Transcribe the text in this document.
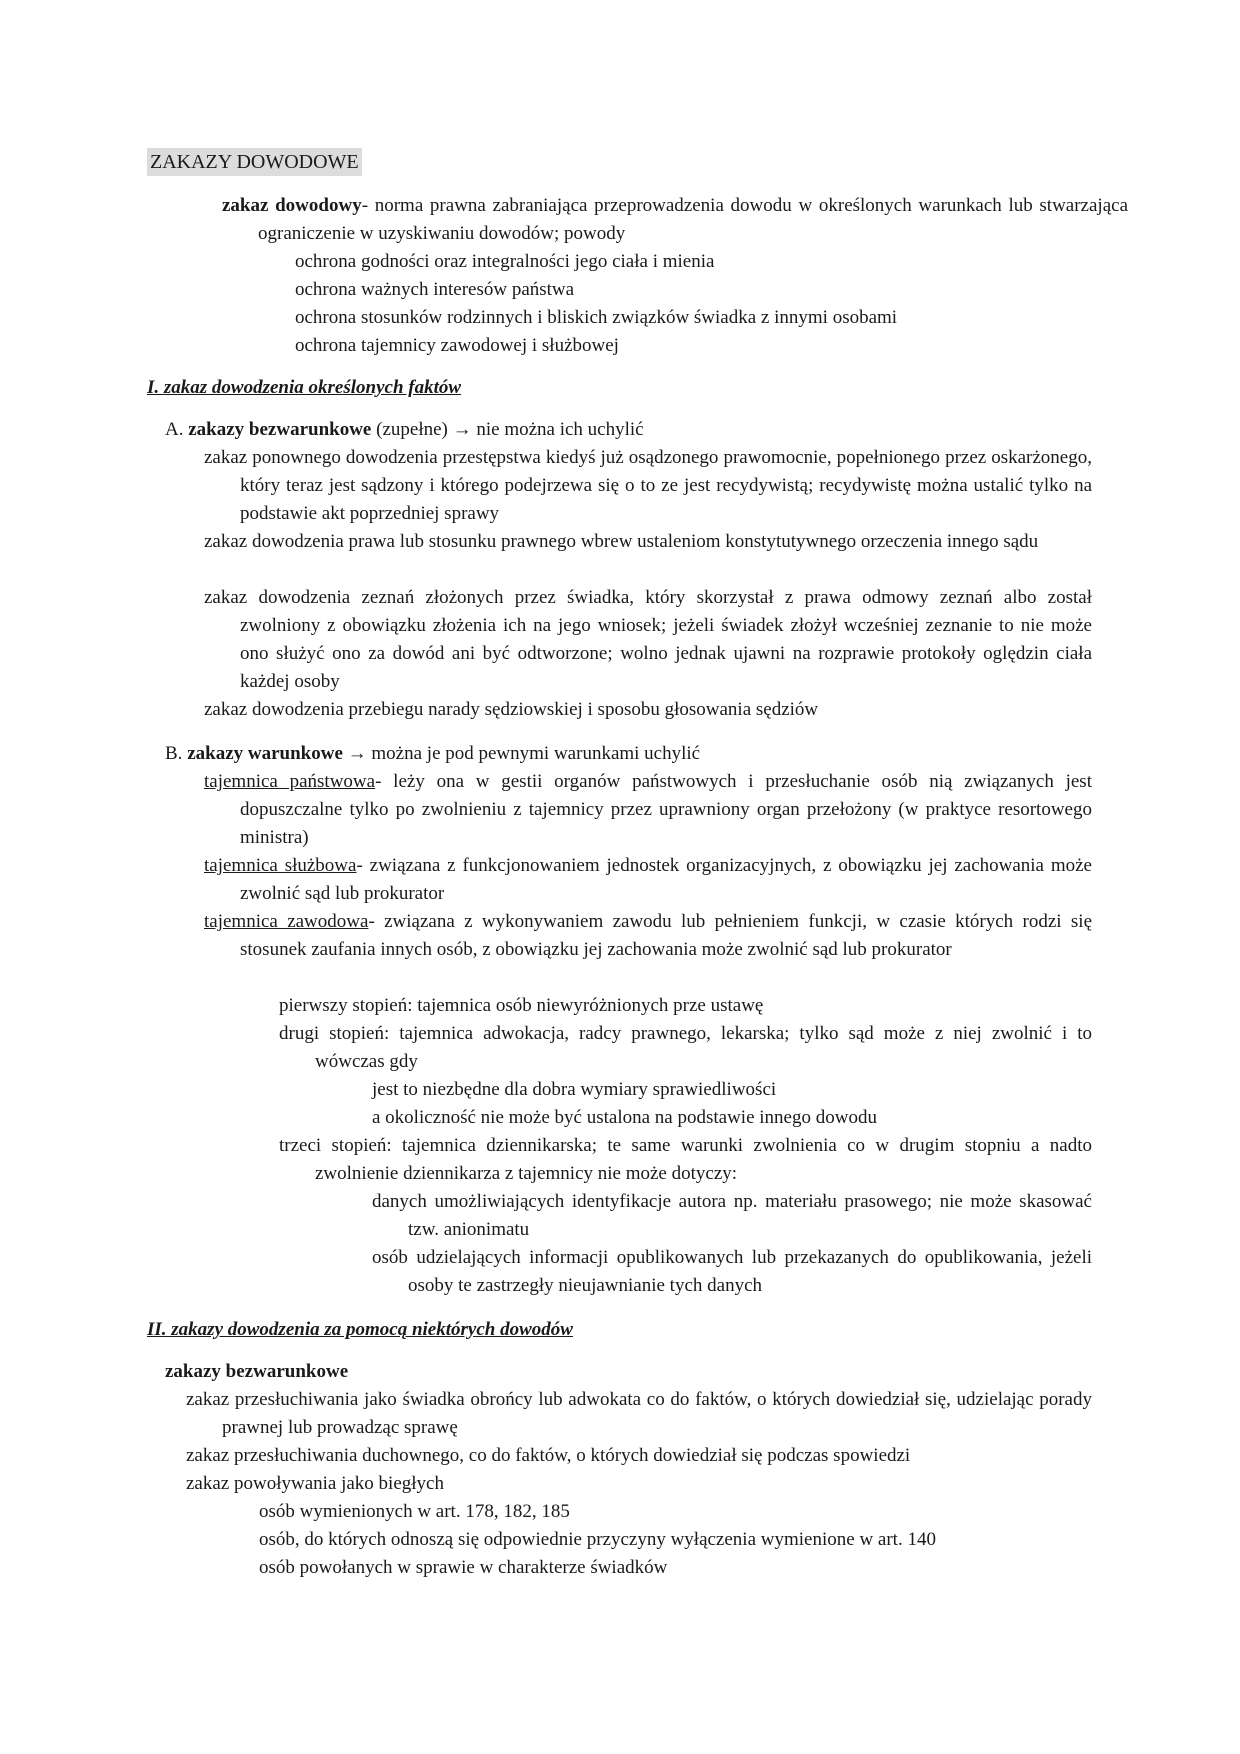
ZAKAZY DOWODOWE
zakaz dowodowy- norma prawna zabraniająca przeprowadzenia dowodu w określonych warunkach lub stwarzająca ograniczenie w uzyskiwaniu dowodów; powody
ochrona godności oraz integralności jego ciała i mienia
ochrona ważnych interesów państwa
ochrona stosunków rodzinnych i bliskich związków świadka z innymi osobami
ochrona tajemnicy zawodowej i służbowej
I. zakaz dowodzenia określonych faktów
A. zakazy bezwarunkowe (zupełne) → nie można ich uchylić
zakaz ponownego dowodzenia przestępstwa kiedyś już osądzonego prawomocnie, popełnionego przez oskarżonego, który teraz jest sądzony i którego podejrzewa się o to ze jest recydywistą; recydywistę można ustalić tylko na podstawie akt poprzedniej sprawy
zakaz dowodzenia prawa lub stosunku prawnego wbrew ustaleniom konstytutywnego orzeczenia innego sądu
zakaz dowodzenia zeznań złożonych przez świadka, który skorzystał z prawa odmowy zeznań albo został zwolniony z obowiązku złożenia ich na jego wniosek; jeżeli świadek złożył wcześniej zeznanie to nie może ono służyć ono za dowód ani być odtworzone; wolno jednak ujawni na rozprawie protokoły oględzin ciała każdej osoby
zakaz dowodzenia przebiegu narady sędziowskiej i sposobu głosowania sędziów
B. zakazy warunkowe → można je pod pewnymi warunkami uchylić
tajemnica państwowa- leży ona w gestii organów państwowych i przesłuchanie osób nią związanych jest dopuszczalne tylko po zwolnieniu z tajemnicy przez uprawniony organ przełożony (w praktyce resortowego ministra)
tajemnica służbowa- związana z funkcjonowaniem jednostek organizacyjnych, z obowiązku jej zachowania może zwolnić sąd lub prokurator
tajemnica zawodowa- związana z wykonywaniem zawodu lub pełnieniem funkcji, w czasie których rodzi się stosunek zaufania innych osób, z obowiązku jej zachowania może zwolnić sąd lub prokurator
pierwszy stopień: tajemnica osób niewyróżnionych prze ustawę
drugi stopień: tajemnica adwokacja, radcy prawnego, lekarska; tylko sąd może z niej zwolnić i to wówczas gdy
jest to niezbędne dla dobra wymiary sprawiedliwości
a okoliczność nie może być ustalona na podstawie innego dowodu
trzeci stopień: tajemnica dziennikarska; te same warunki zwolnienia co w drugim stopniu a nadto zwolnienie dziennikarza z tajemnicy nie może dotyczy:
danych umożliwiających identyfikacje autora np. materiału prasowego; nie może skasować tzw. anionimatu
osób udzielających informacji opublikowanych lub przekazanych do opublikowania, jeżeli osoby te zastrzegły nieujawnianie tych danych
II. zakazy dowodzenia za pomocą niektórych dowodów
zakazy bezwarunkowe
zakaz przesłuchiwania jako świadka obrońcy lub adwokata co do faktów, o których dowiedział się, udzielając porady prawnej lub prowadząc sprawę
zakaz przesłuchiwania duchownego, co do faktów, o których dowiedział się podczas spowiedzi
zakaz powoływania jako biegłych
osób wymienionych w art. 178, 182, 185
osób, do których odnoszą się odpowiednie przyczyny wyłączenia wymienione w art. 140
osób powołanych w sprawie w charakterze świadków
